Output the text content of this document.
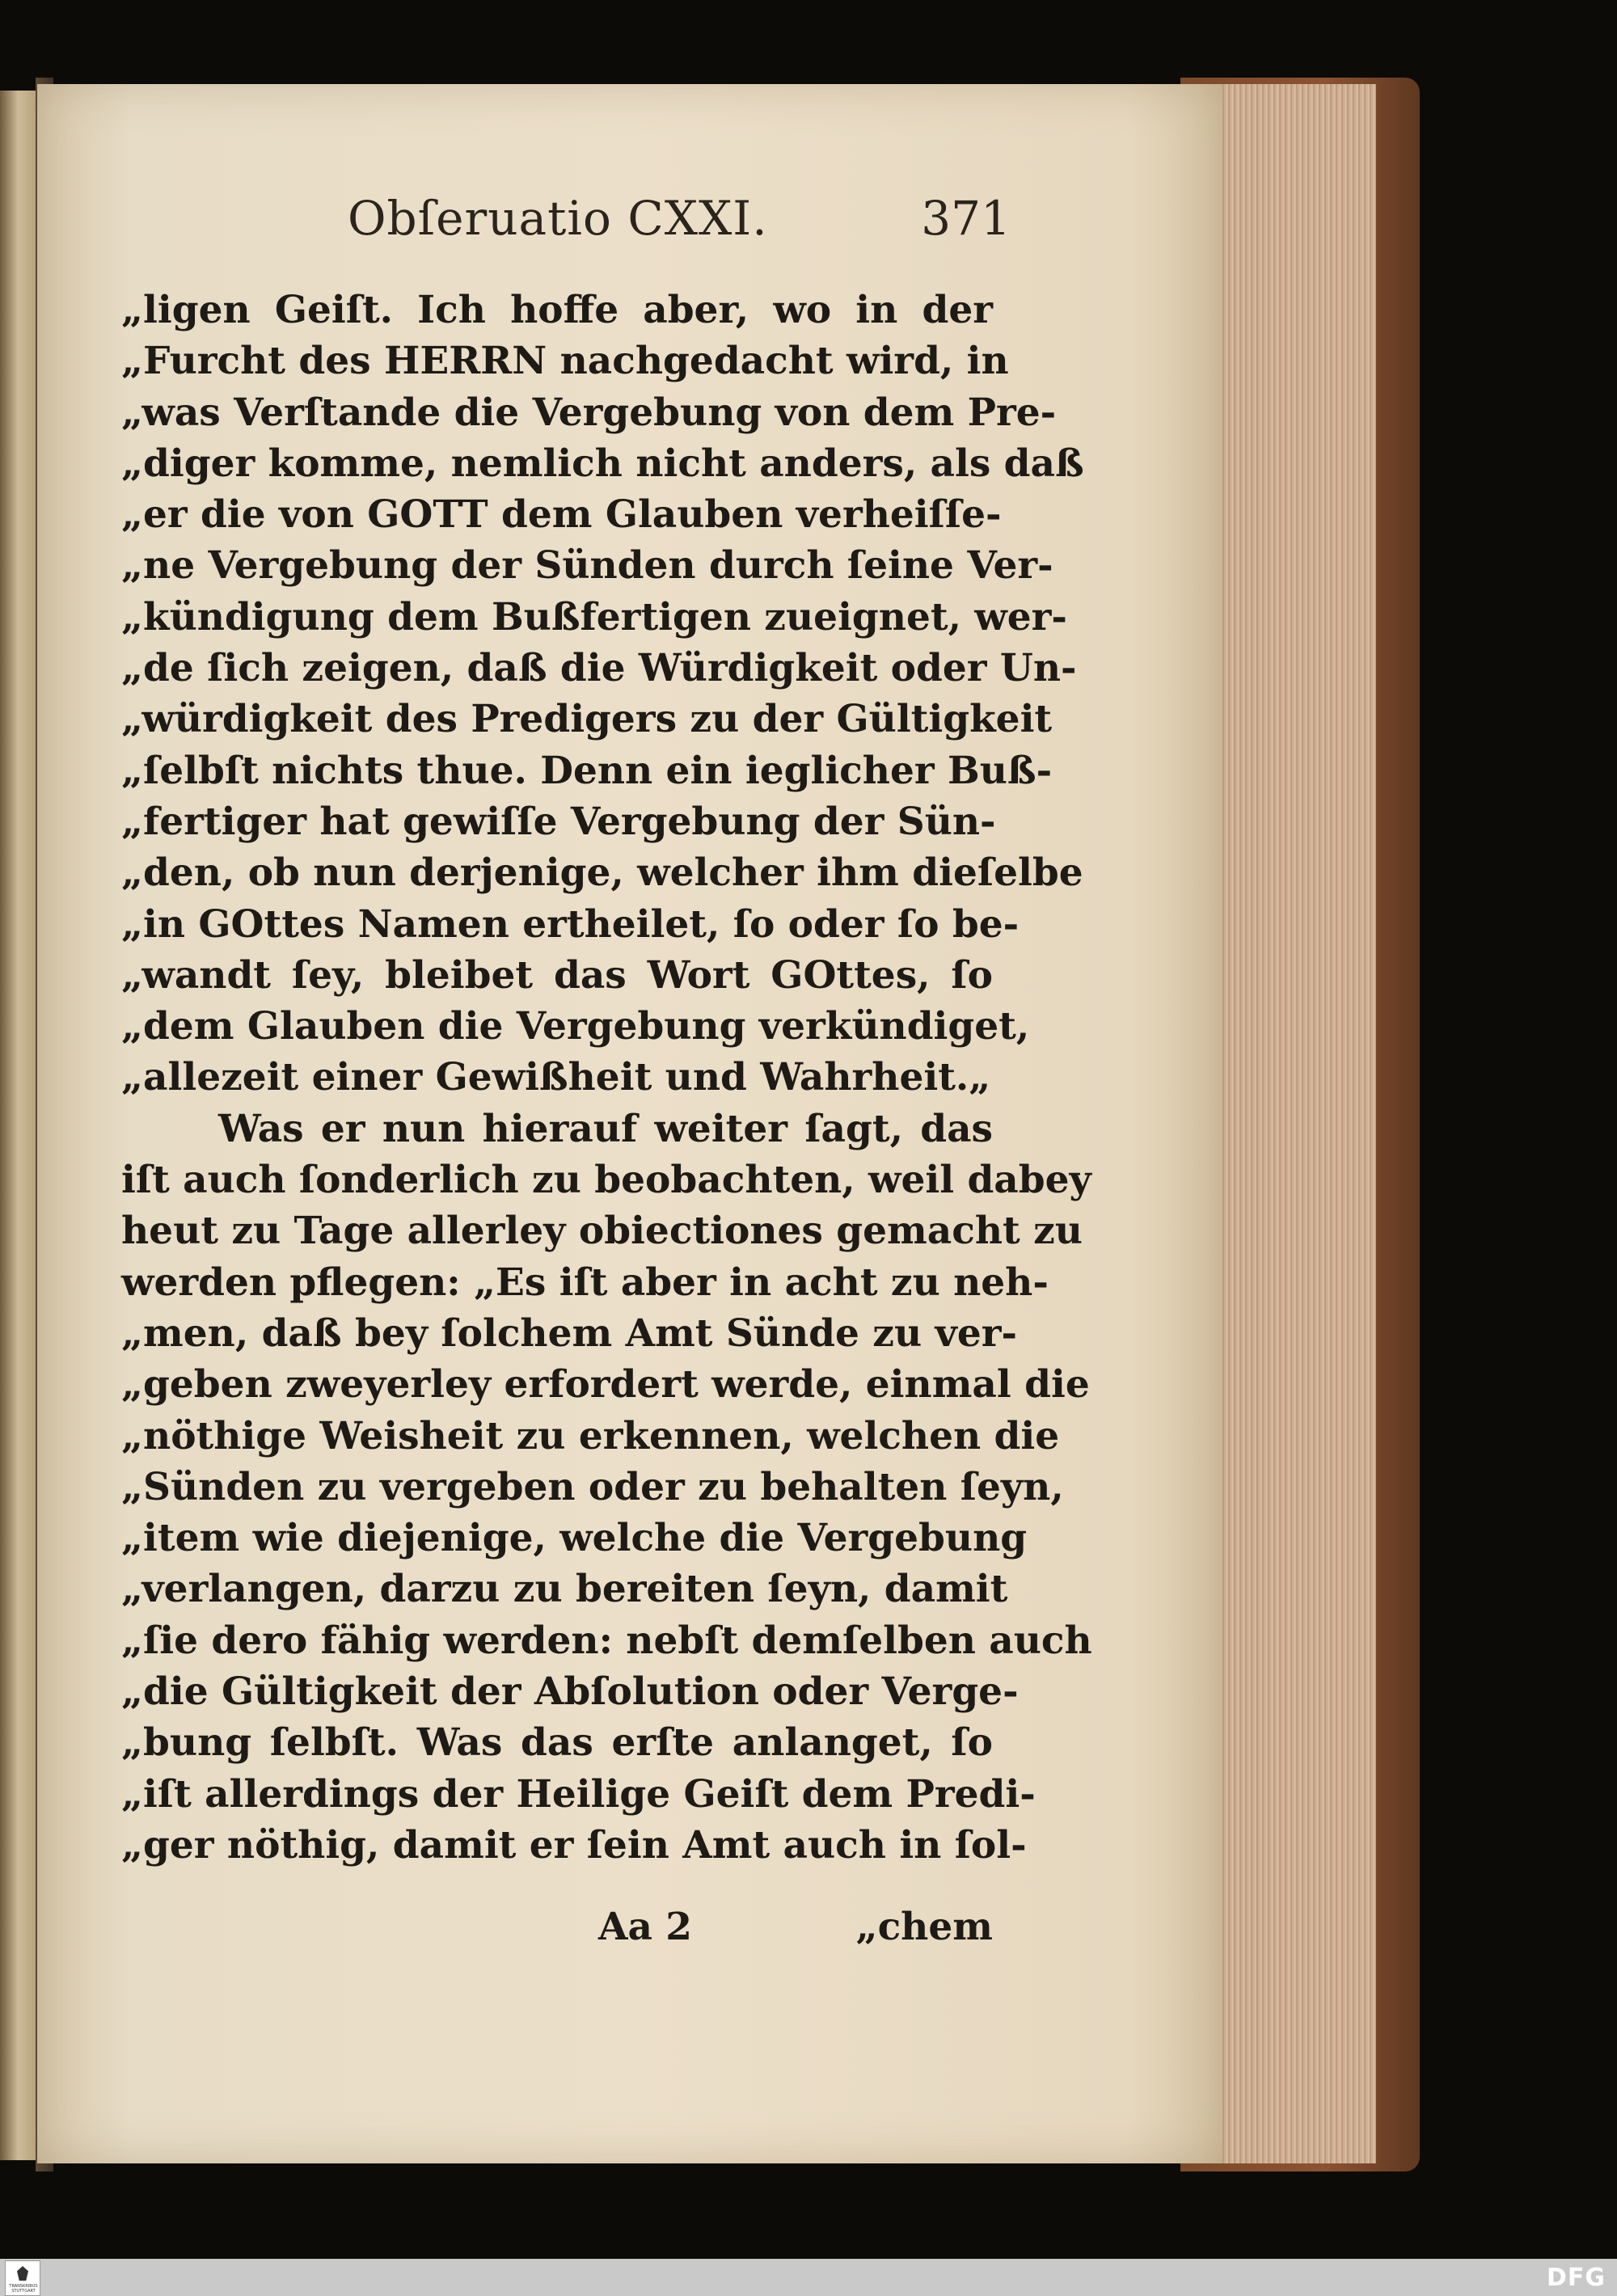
Obſeruatio CXXI.	371
„ligen Geiſt. Ich hoffe aber, wo in der
„Furcht des HERRN nachgedacht wird, in
„was Verſtande die Vergebung von dem Pre-
„diger komme, nemlich nicht anders, als daß
„er die von GOTT dem Glauben verheiſſe-
„ne Vergebung der Sünden durch ſeine Ver-
„kündigung dem Bußfertigen zueignet, wer-
„de ſich zeigen, daß die Würdigkeit oder Un-
„würdigkeit des Predigers zu der Gültigkeit
„ſelbſt nichts thue. Denn ein ieglicher Buß-
„fertiger hat gewiſſe Vergebung der Sün-
„den, ob nun derjenige, welcher ihm dieſelbe
„in GOttes Namen ertheilet, ſo oder ſo be-
„wandt ſey, bleibet das Wort GOttes, ſo
„dem Glauben die Vergebung verkündiget,
„allezeit einer Gewißheit und Wahrheit.„
Was er nun hierauf weiter ſagt, das
iſt auch ſonderlich zu beobachten, weil dabey
heut zu Tage allerley obiectiones gemacht zu
werden pflegen: „Es iſt aber in acht zu neh-
„men, daß bey ſolchem Amt Sünde zu ver-
„geben zweyerley erfordert werde, einmal die
„nöthige Weisheit zu erkennen, welchen die
„Sünden zu vergeben oder zu behalten ſeyn,
„item wie diejenige, welche die Vergebung
„verlangen, darzu zu bereiten ſeyn, damit
„ſie dero fähig werden: nebſt demſelben auch
„die Gültigkeit der Abſolution oder Verge-
„bung ſelbſt. Was das erſte anlanget, ſo
„iſt allerdings der Heilige Geiſt dem Predi-
„ger nöthig, damit er ſein Amt auch in ſol-
Aa 2	„chem
TRANSKRIBUS STUTTGART	DFG
